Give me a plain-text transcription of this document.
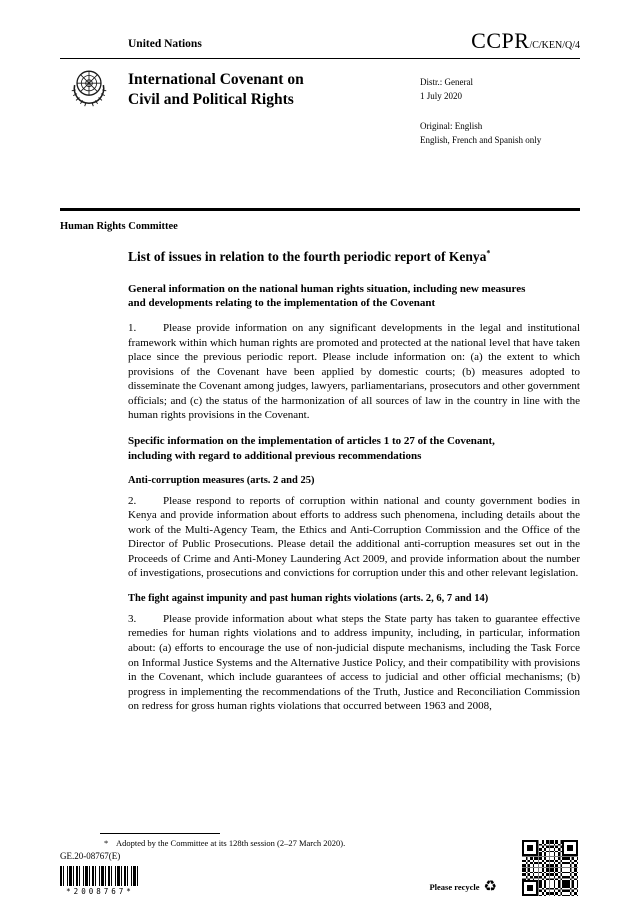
United Nations	CCPR/C/KEN/Q/4
International Covenant on
Civil and Political Rights
Distr.: General
1 July 2020
Original: English
English, French and Spanish only
Human Rights Committee
List of issues in relation to the fourth periodic report of Kenya*
General information on the national human rights situation, including new measures and developments relating to the implementation of the Covenant

1. Please provide information on any significant developments in the legal and institutional framework within which human rights are promoted and protected at the national level that have taken place since the previous periodic report. Please include information on: (a) the extent to which provisions of the Covenant have been applied by domestic courts; (b) measures adopted to disseminate the Covenant among judges, lawyers, parliamentarians, prosecutors and other government officials; and (c) the status of the harmonization of all sources of law in the country in line with the human rights provisions in the Covenant.

Specific information on the implementation of articles 1 to 27 of the Covenant, including with regard to additional previous recommendations
Anti-corruption measures (arts. 2 and 25)

2. Please respond to reports of corruption within national and county government bodies in Kenya and provide information about efforts to address such phenomena, including details about the work of the Multi-Agency Team, the Ethics and Anti-Corruption Commission and the Office of the Director of Public Prosecutions. Please detail the additional anti-corruption measures set out in the Proceeds of Crime and Anti-Money Laundering Act 2009, and provide information about the number of investigations, prosecutions and convictions for corruption under this and other relevant legislation.

The fight against impunity and past human rights violations (arts. 2, 6, 7 and 14)

3. Please provide information about what steps the State party has taken to guarantee effective remedies for human rights violations and to address impunity, including, in particular, information about: (a) efforts to encourage the use of non-judicial dispute mechanisms, including the Task Force on Informal Justice Systems and the Alternative Justice Policy, and their compatibility with provisions in the Covenant, which include guarantees of access to judicial and other official mechanisms; (b) progress in implementing the recommendations of the Truth, Justice and Reconciliation Commission on redress for gross human rights violations that occurred between 1963 and 2008,

* Adopted by the Committee at its 128th session (2–27 March 2020).
GE.20-08767(E)
*2008767*	Please recycle ♻
